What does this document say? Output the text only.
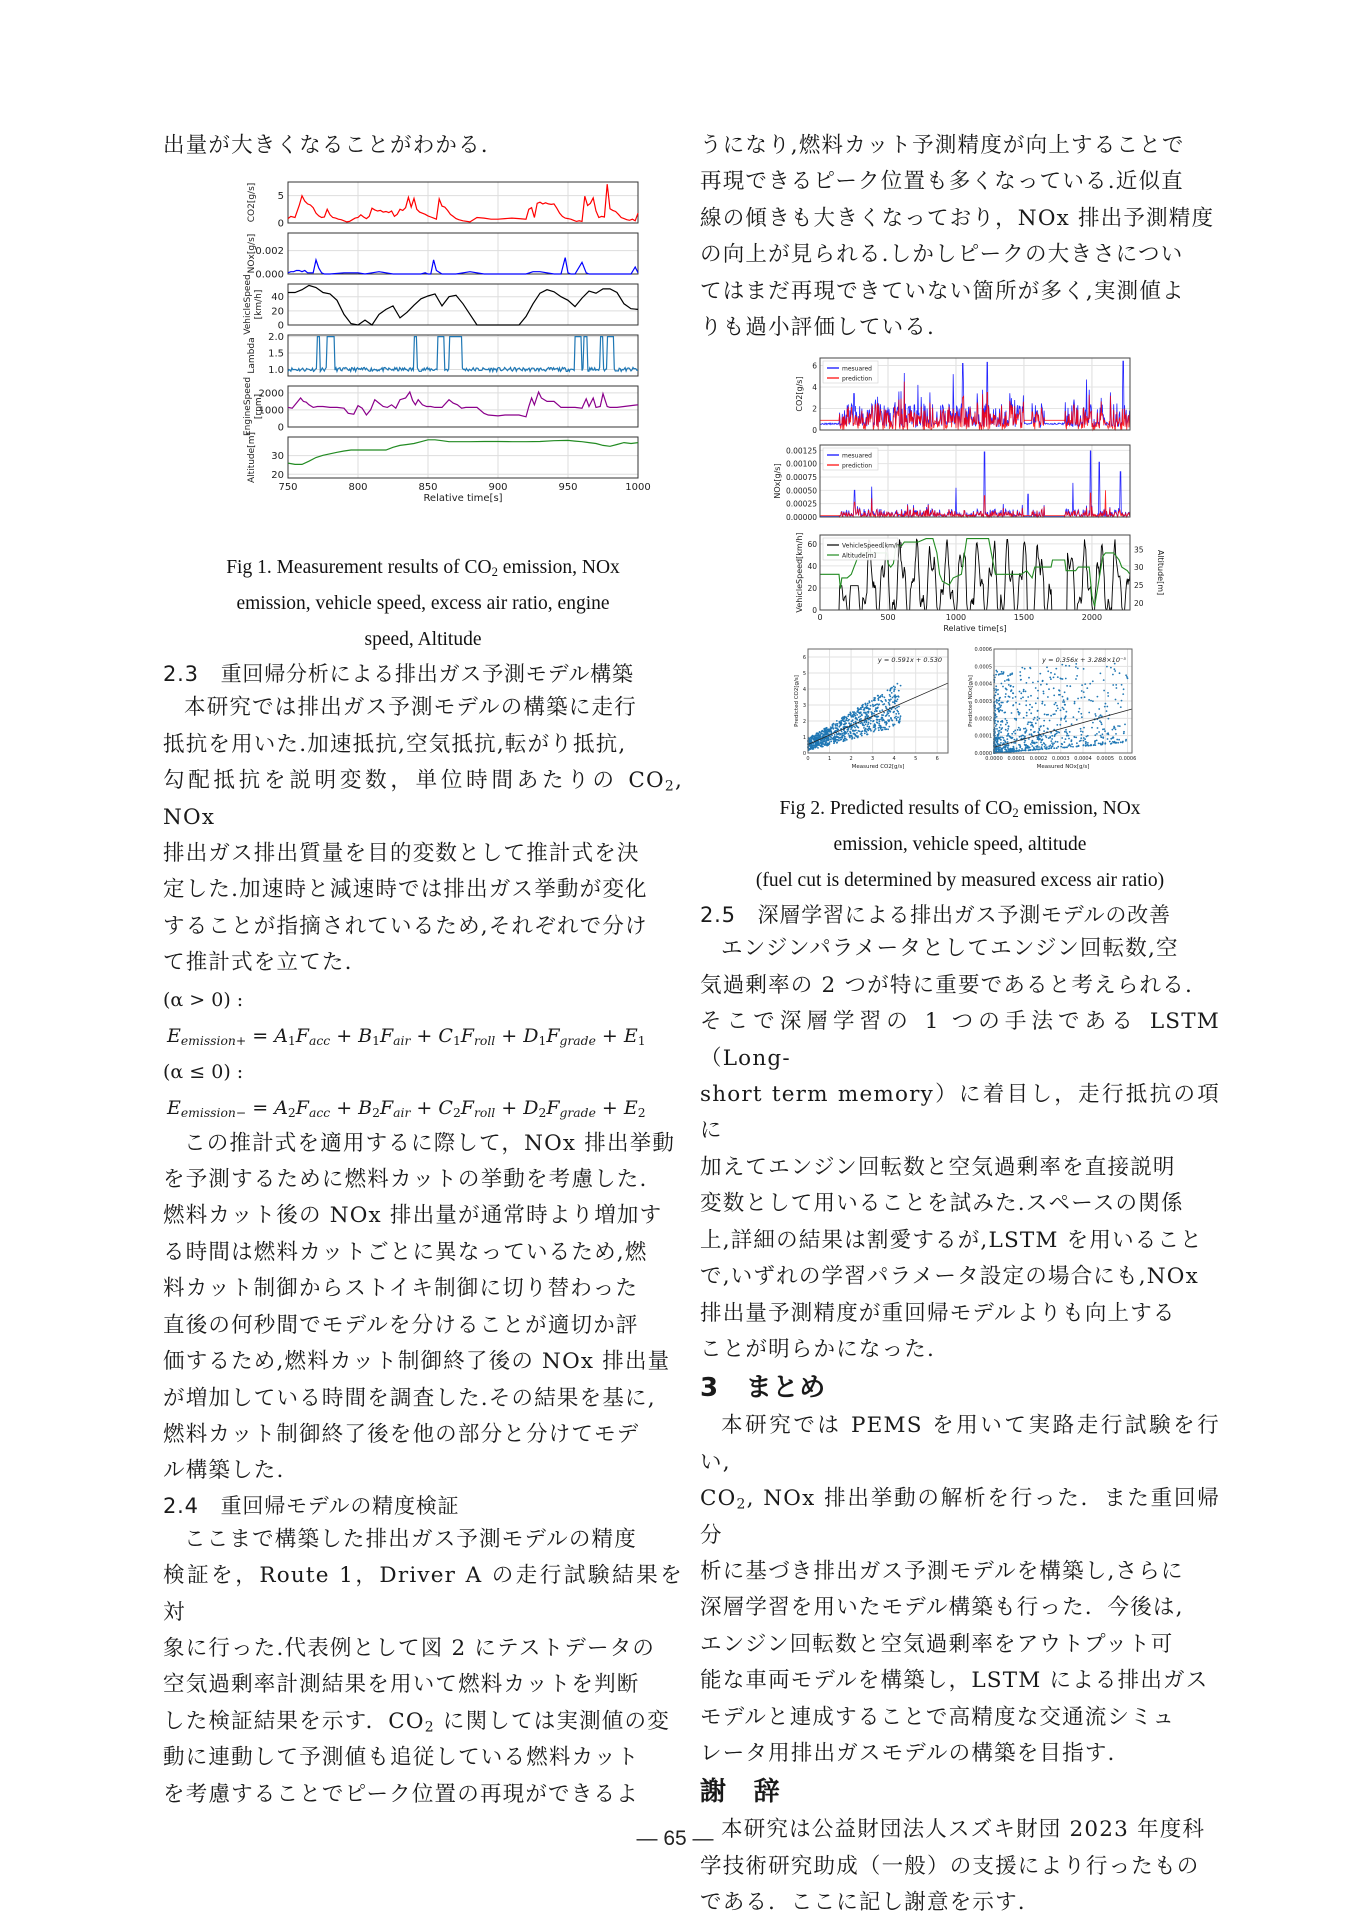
出量が大きくなることがわかる.

0
5
CO2[g/s]
0.000
0.002
NOx[g/s]
0
20
40
VehicleSpeed [km/h]
1.0
1.5
2.0
Lambda
0
1000
2000
EngineSpeed [rpm]
20
30
Altitude[m]
750	800	850	900	950	1000
Relative time[s]

Fig 1. Measurement results of $CO_2$ emission, NOx

emission, vehicle speed, excess air ratio, engine

speed, Altitude

2.3　重回帰分析による排出ガス予測モデル構築

本研究では排出ガス予測モデルの構築に走行

抵抗を用いた.加速抵抗,空気抵抗,転がり抵抗,

勾配抵抗を説明変数，単位時間あたりの $CO_2$, NOx

排出ガス排出質量を目的変数として推計式を決

定した.加速時と減速時では排出ガス挙動が変化

することが指摘されているため,それぞれで分け

て推計式を立てた.

(α > 0) :

$E_{emission+} = A_1F_{acc} + B_1F_{air} + C_1F_{roll} + D_1F_{grade} + E_1$

(α ≤ 0) :

$E_{emission-} = A_2F_{acc} + B_2F_{air} + C_2F_{roll} + D_2F_{grade} + E_2$

この推計式を適用するに際して，NOx 排出挙動

を予測するために燃料カットの挙動を考慮した.

燃料カット後の NOx 排出量が通常時より増加す

る時間は燃料カットごとに異なっているため,燃

料カット制御からストイキ制御に切り替わった

直後の何秒間でモデルを分けることが適切か評

価するため,燃料カット制御終了後の NOx 排出量

が増加している時間を調査した.その結果を基に,

燃料カット制御終了後を他の部分と分けてモデ

ル構築した.

2.4　重回帰モデルの精度検証

ここまで構築した排出ガス予測モデルの精度

検証を，Route 1，Driver A の走行試験結果を対

象に行った.代表例として図 2 にテストデータの

空気過剰率計測結果を用いて燃料カットを判断

した検証結果を示す．$CO_2$ に関しては実測値の変

動に連動して予測値も追従している燃料カット

を考慮することでピーク位置の再現ができるよ

うになり,燃料カット予測精度が向上することで

再現できるピーク位置も多くなっている.近似直

線の傾きも大きくなっており，NOx 排出予測精度

の向上が見られる.しかしピークの大きさについ

てはまだ再現できていない箇所が多く,実測値よ

りも過小評価している.

0
2
4
6
CO2[g/s]
mesuared
prediction
0.00000
0.00025
0.00050
0.00075
0.00100
0.00125
NOx[g/s]
mesuared
prediction
0
20
40
60
VehicleSpeed[km/h]	20
25
30
35
Altitude[m]
VehicleSpeed[km/h]
Altitude[m]
0	500	1000	1500	2000
Relative time[s]
0	1	2	3	4	5	6
0
1
2
3
4
5
6	y = 0.591x + 0.530
Measured CO2[g/s]
Predicted CO2[g/s]
0.0000 0.0001 0.0002 0.0003 0.0004 0.0005 0.0006
0.0000
0.0001
0.0002
0.0003
0.0004
0.0005
0.0006
y = 0.356x + 3.288×10⁻⁵
Measured NOx[g/s]
Predicted NOx[g/s]

Fig 2. Predicted results of $CO_2$ emission, NOx

emission, vehicle speed, altitude

(fuel cut is determined by measured excess air ratio)

2.5　深層学習による排出ガス予測モデルの改善

エンジンパラメータとしてエンジン回転数,空

気過剰率の 2 つが特に重要であると考えられる.

そこで深層学習の 1 つの手法である LSTM（Long-

short term memory）に着目し，走行抵抗の項に

加えてエンジン回転数と空気過剰率を直接説明

変数として用いることを試みた.スペースの関係

上,詳細の結果は割愛するが,LSTM を用いること

で,いずれの学習パラメータ設定の場合にも,NOx

排出量予測精度が重回帰モデルよりも向上する

ことが明らかになった.

3　まとめ

本研究では PEMS を用いて実路走行試験を行い,

$CO_2$, NOx 排出挙動の解析を行った．また重回帰分

析に基づき排出ガス予測モデルを構築し,さらに

深層学習を用いたモデル構築も行った．今後は,

エンジン回転数と空気過剰率をアウトプット可

能な車両モデルを構築し，LSTM による排出ガス

モデルと連成することで高精度な交通流シミュ

レータ用排出ガスモデルの構築を目指す.

謝　辞

本研究は公益財団法人スズキ財団 2023 年度科

学技術研究助成（一般）の支援により行ったもの

である．ここに記し謝意を示す.

― 65 ―
